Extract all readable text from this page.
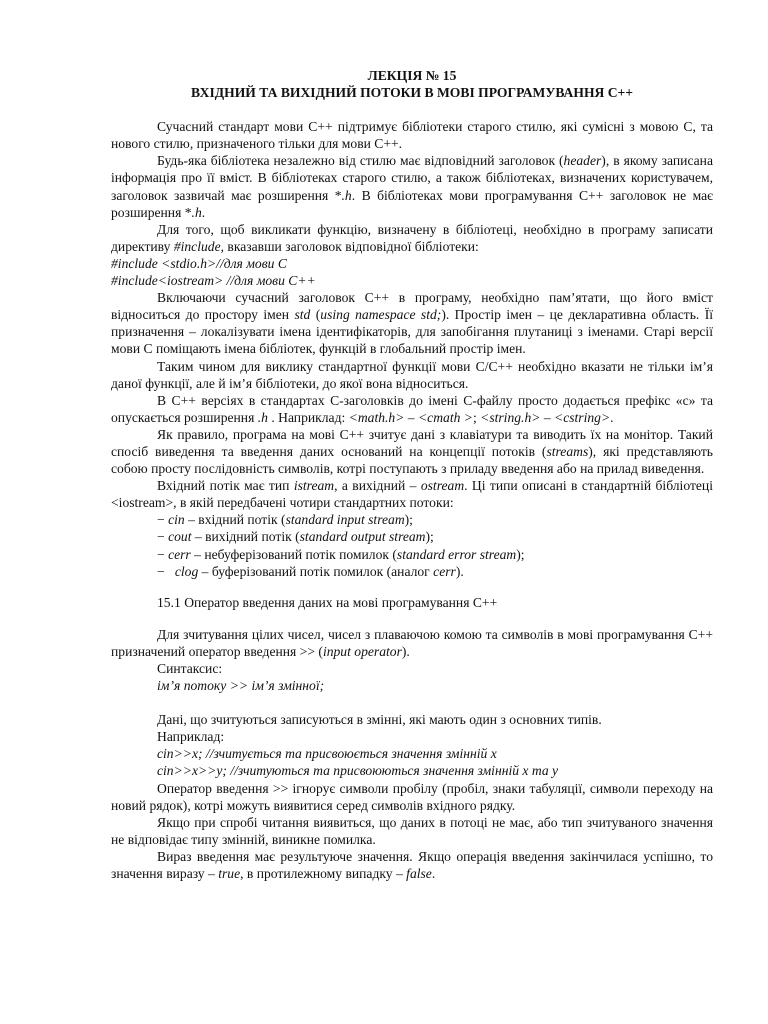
ЛЕКЦІЯ № 15

ВХІДНИЙ ТА ВИХІДНИЙ ПОТОКИ В МОВІ ПРОГРАМУВАННЯ С++

Сучасний стандарт мови С++ підтримує бібліотеки старого стилю, які сумісні з мовою С, та нового стилю, призначеного тільки для мови С++.

Будь-яка бібліотека незалежно від стилю має відповідний заголовок (header), в якому записана інформація про її вміст. В бібліотеках старого стилю, а також бібліотеках, визначених користувачем, заголовок зазвичай має розширення *.h. В бібліотеках мови програмування С++ заголовок не має розширення *.h.

Для того, щоб викликати функцію, визначену в бібліотеці, необхідно в програму записати директиву #include, вказавши заголовок відповідної бібліотеки:

#include <stdio.h>//для мови С

#include<iostream> //для мови С++

Включаючи сучасний заголовок С++ в програму, необхідно пам’ятати, що його вміст відноситься до простору імен std (using namespace std;). Простір імен – це декларативна область. Її призначення – локалізувати імена ідентифікаторів, для запобігання плутаниці з іменами. Старі версії мови С поміщають імена бібліотек, функцій в глобальний простір імен.

Таким чином для виклику стандартної функції мови С/С++ необхідно вказати не тільки ім’я даної функції, але й ім’я бібліотеки, до якої вона відноситься.

В С++ версіях в стандартах С-заголовків до імені С-файлу просто додається префікс «с» та опускається розширення .h . Наприклад: <math.h> – <cmath >; <string.h> – <cstring>.

Як правило, програма на мові С++ зчитує дані з клавіатури та виводить їх на монітор. Такий спосіб виведення та введення даних оснований на концепції потоків (streams), які представляють собою просту послідовність символів, котрі поступають з приладу введення або на прилад виведення.

Вхідний потік має тип istream, а вихідний – ostream. Ці типи описані в стандартній бібліотеці <iostream>, в якій передбачені чотири стандартних потоки:

− cin – вхідний потік (standard input stream);

− cout – вихідний потік (standard output stream);

− cerr – небуферізований потік помилок (standard error stream);

−   clog – буферізований потік помилок (аналог cerr).

15.1 Оператор введення даних на мові програмування С++

Для зчитування цілих чисел, чисел з плаваючою комою та символів в мові програмування С++ призначений оператор введення >> (input operator).

Синтаксис:

ім’я потоку >> ім’я змінної;

Дані, що зчитуються записуються в змінні, які мають один з основних типів.

Наприклад:

cin>>x; //зчитується та присвоюється значення змінній x

cin>>x>>y; //зчитуються та присвоюються значення змінній x та y

Оператор введення >> ігнорує символи пробілу (пробіл, знаки табуляції, символи переходу на новий рядок), котрі можуть виявитися серед символів вхідного рядку.

Якщо при спробі читання виявиться, що даних в потоці не має, або тип зчитуваного значення не відповідає типу змінній, виникне помилка.

Вираз введення має результуюче значення. Якщо операція введення закінчилася успішно, то значення виразу – true, в протилежному випадку – false.
